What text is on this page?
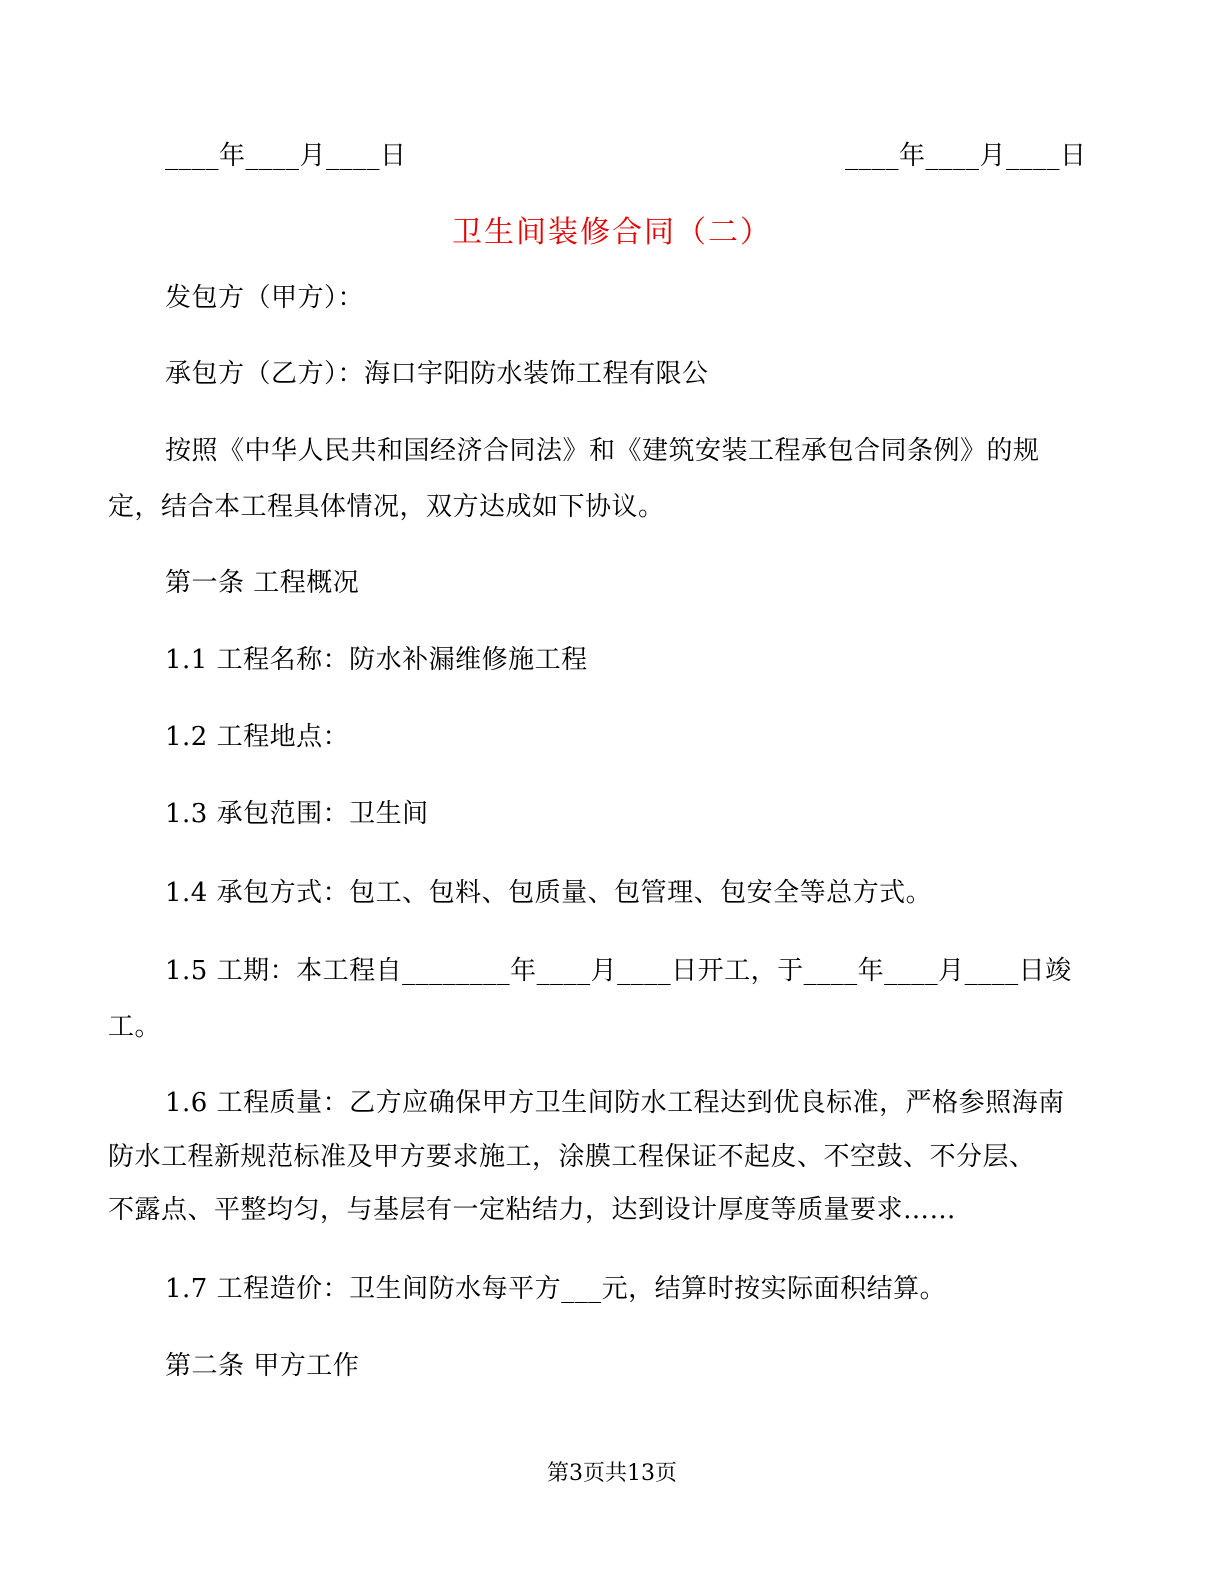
____年____月____日	____年____月____日
卫生间装修合同（二）
发包方（甲方）：
承包方（乙方）：海口宇阳防水装饰工程有限公
按照《中华人民共和国经济合同法》和《建筑安装工程承包合同条例》的规
定，结合本工程具体情况，双方达成如下协议。
第一条 工程概况
1.1 工程名称：防水补漏维修施工程
1.2 工程地点：
1.3 承包范围：卫生间
1.4 承包方式：包工、包料、包质量、包管理、包安全等总方式。
1.5 工期：本工程自________年____月____日开工，于____年____月____日竣
工。
1.6 工程质量：乙方应确保甲方卫生间防水工程达到优良标准，严格参照海南
防水工程新规范标准及甲方要求施工，涂膜工程保证不起皮、不空鼓、不分层、
不露点、平整均匀，与基层有一定粘结力，达到设计厚度等质量要求……
1.7 工程造价：卫生间防水每平方___元，结算时按实际面积结算。
第二条 甲方工作
第3页共13页
